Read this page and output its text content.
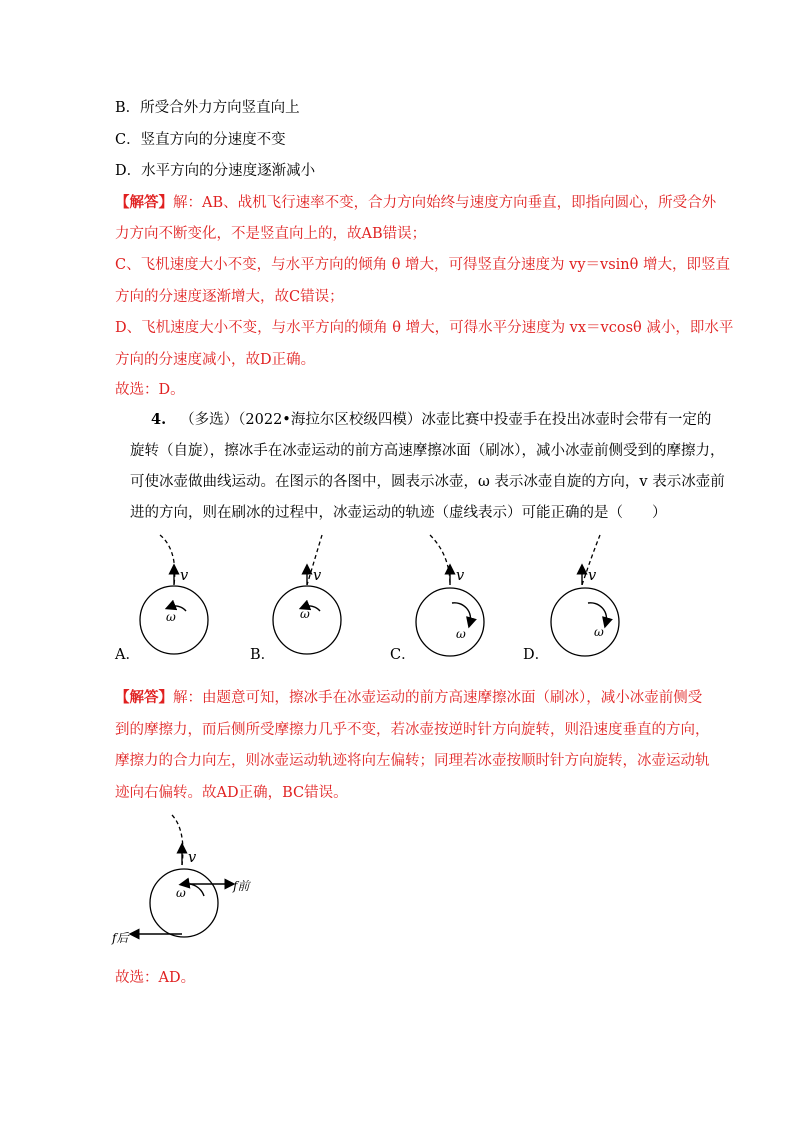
B．所受合外力方向竖直向上
C．竖直方向的分速度不变
D．水平方向的分速度逐渐减小
【解答】解：AB、战机飞行速率不变，合力方向始终与速度方向垂直，即指向圆心，所受合外
力方向不断变化，不是竖直向上的，故AB错误；
C、飞机速度大小不变，与水平方向的倾角 θ 增大，可得竖直分速度为 vy＝vsinθ 增大，即竖直
方向的分速度逐渐增大，故C错误；
D、飞机速度大小不变，与水平方向的倾角 θ 增大，可得水平分速度为 vx＝vcosθ 减小，即水平
方向的分速度减小，故D正确。
故选：D。
4. （多选）（2022•海拉尔区校级四模）冰壶比赛中投壶手在投出冰壶时会带有一定的
旋转（自旋），擦冰手在冰壶运动的前方高速摩擦冰面（刷冰），减小冰壶前侧受到的摩擦力，
可使冰壶做曲线运动。在图示的各图中，圆表示冰壶，ω 表示冰壶自旋的方向，v 表示冰壶前
进的方向，则在刷冰的过程中，冰壶运动的轨迹（虚线表示）可能正确的是（　　）
v	v	v	v
ω	ω
ω	ω
A．	B．	C．	D．
【解答】解：由题意可知，擦冰手在冰壶运动的前方高速摩擦冰面（刷冰），减小冰壶前侧受
到的摩擦力，而后侧所受摩擦力几乎不变，若冰壶按逆时针方向旋转，则沿速度垂直的方向，
摩擦力的合力向左，则冰壶运动轨迹将向左偏转；同理若冰壶按顺时针方向旋转，冰壶运动轨
迹向右偏转。故AD正确，BC错误。
v
ω	f前
f后
故选：AD。
